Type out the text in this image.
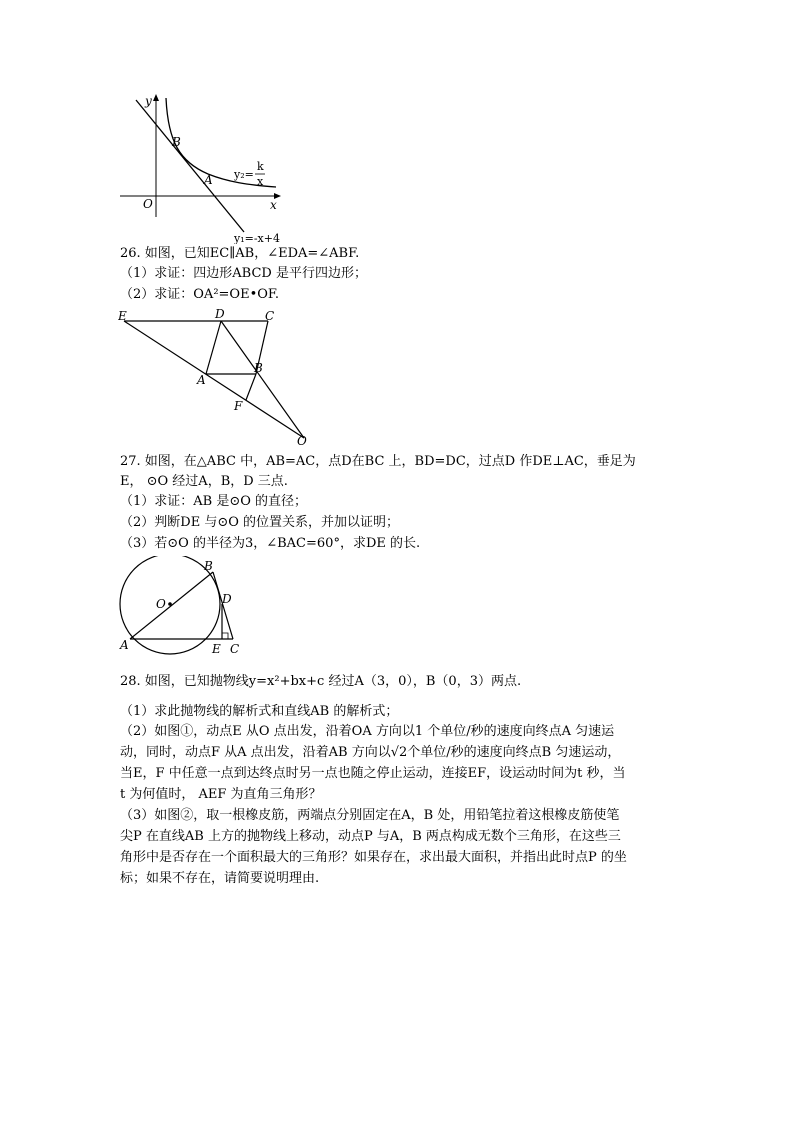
y
x
O
B
A y₂=
k
x
y₁=-x+4
26. 如图，已知EC∥AB，∠EDA=∠ABF.
（1）求证：四边形ABCD 是平行四边形；
（2）求证：OA²=OE•OF.
E	D	C
A
B
F
O
27. 如图，在△ABC 中，AB=AC，点D在BC 上，BD=DC，过点D 作DE⊥AC，垂足为
E， ⊙O 经过A，B，D 三点.
（1）求证：AB 是⊙O 的直径；
（2）判断DE 与⊙O 的位置关系，并加以证明；
（3）若⊙O 的半径为3，∠BAC=60°，求DE 的长.
B
O	D
A	E C
28. 如图，已知抛物线y=x²+bx+c 经过A（3，0），B（0，3）两点.
（1）求此抛物线的解析式和直线AB 的解析式；
（2）如图①，动点E 从O 点出发，沿着OA 方向以1 个单位/秒的速度向终点A 匀速运
动，同时，动点F 从A 点出发，沿着AB 方向以√2个单位/秒的速度向终点B 匀速运动，
当E，F 中任意一点到达终点时另一点也随之停止运动，连接EF，设运动时间为t 秒，当
t 为何值时， AEF 为直角三角形？
（3）如图②，取一根橡皮筋，两端点分别固定在A，B 处，用铅笔拉着这根橡皮筋使笔
尖P 在直线AB 上方的抛物线上移动，动点P 与A，B 两点构成无数个三角形，在这些三
角形中是否存在一个面积最大的三角形？如果存在，求出最大面积，并指出此时点P 的坐
标；如果不存在，请简要说明理由.
